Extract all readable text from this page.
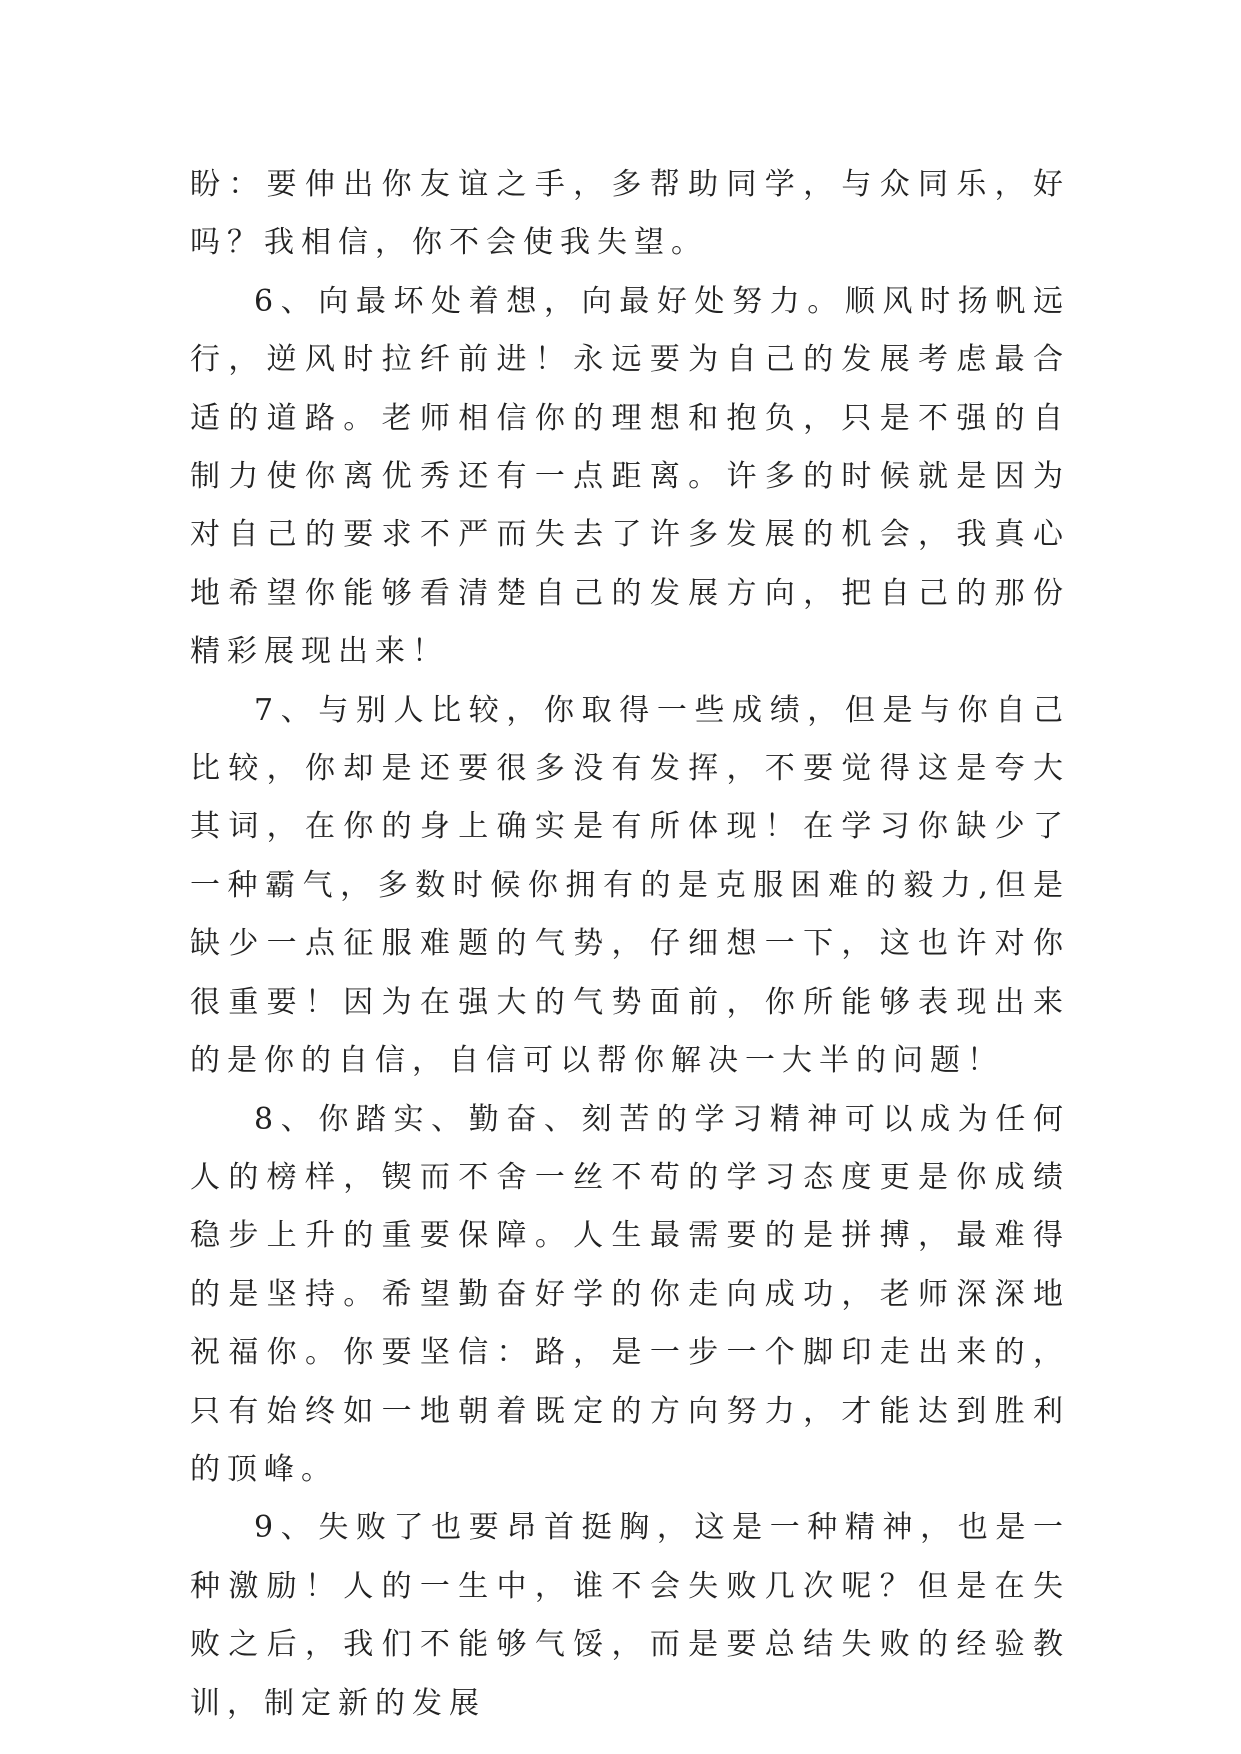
盼：要伸出你友谊之手，多帮助同学，与众同乐，好吗？我相信，你不会使我失望。

6、向最坏处着想，向最好处努力。顺风时扬帆远行，逆风时拉纤前进！永远要为自己的发展考虑最合适的道路。老师相信你的理想和抱负，只是不强的自制力使你离优秀还有一点距离。许多的时候就是因为对自己的要求不严而失去了许多发展的机会，我真心地希望你能够看清楚自己的发展方向，把自己的那份精彩展现出来！

7、与别人比较，你取得一些成绩，但是与你自己比较，你却是还要很多没有发挥，不要觉得这是夸大其词，在你的身上确实是有所体现！在学习你缺少了一种霸气，多数时候你拥有的是克服困难的毅力,但是缺少一点征服难题的气势，仔细想一下，这也许对你很重要！因为在强大的气势面前，你所能够表现出来的是你的自信，自信可以帮你解决一大半的问题！

8、你踏实、勤奋、刻苦的学习精神可以成为任何人的榜样，锲而不舍一丝不苟的学习态度更是你成绩稳步上升的重要保障。人生最需要的是拼搏，最难得的是坚持。希望勤奋好学的你走向成功，老师深深地祝福你。你要坚信：路，是一步一个脚印走出来的，只有始终如一地朝着既定的方向努力，才能达到胜利的顶峰。

9、失败了也要昂首挺胸，这是一种精神，也是一种激励！人的一生中，谁不会失败几次呢？但是在失败之后，我们不能够气馁，而是要总结失败的经验教训，制定新的发展
